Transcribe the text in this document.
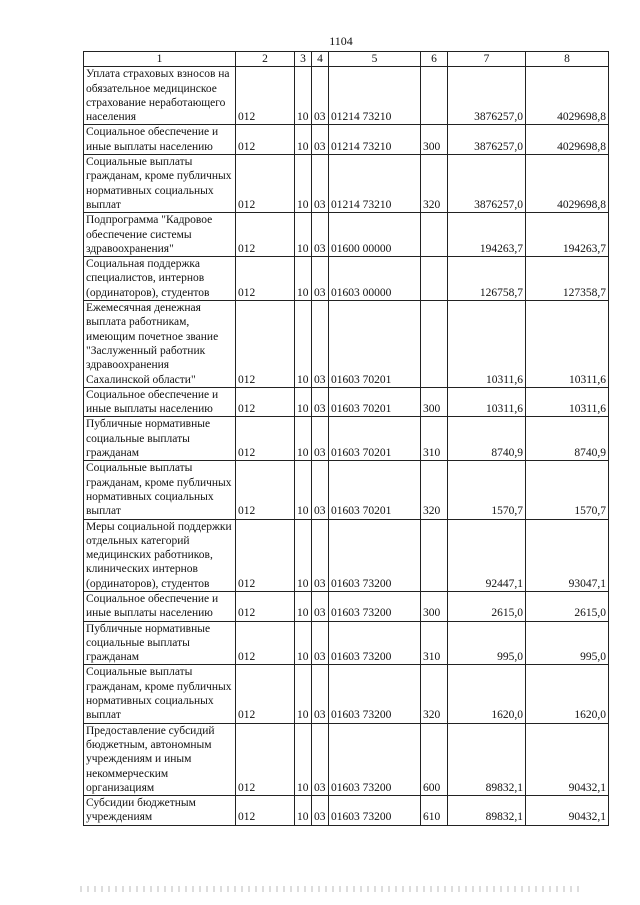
1104
1	2	3	4	5	6	7	8
Уплата страховых взносов на обязательное медицинское страхование неработающего населения	012	10	03	01214 73210		3876257,0	4029698,8
Социальное обеспечение и иные выплаты населению	012	10	03	01214 73210	300	3876257,0	4029698,8
Социальные выплаты гражданам, кроме публичных нормативных социальных выплат	012	10	03	01214 73210	320	3876257,0	4029698,8
Подпрограмма "Кадровое обеспечение системы здравоохранения"	012	10	03	01600 00000		194263,7	194263,7
Социальная поддержка специалистов, интернов (ординаторов), студентов	012	10	03	01603 00000		126758,7	127358,7
Ежемесячная денежная выплата работникам, имеющим почетное звание "Заслуженный работник здравоохранения Сахалинской области"	012	10	03	01603 70201		10311,6	10311,6
Социальное обеспечение и иные выплаты населению	012	10	03	01603 70201	300	10311,6	10311,6
Публичные нормативные социальные выплаты гражданам	012	10	03	01603 70201	310	8740,9	8740,9
Социальные выплаты гражданам, кроме публичных нормативных социальных выплат	012	10	03	01603 70201	320	1570,7	1570,7
Меры социальной поддержки отдельных категорий медицинских работников, клинических интернов (ординаторов), студентов	012	10	03	01603 73200		92447,1	93047,1
Социальное обеспечение и иные выплаты населению	012	10	03	01603 73200	300	2615,0	2615,0
Публичные нормативные социальные выплаты гражданам	012	10	03	01603 73200	310	995,0	995,0
Социальные выплаты гражданам, кроме публичных нормативных социальных выплат	012	10	03	01603 73200	320	1620,0	1620,0
Предоставление субсидий бюджетным, автономным учреждениям и иным некоммерческим организациям	012	10	03	01603 73200	600	89832,1	90432,1
Субсидии бюджетным учреждениям	012	10	03	01603 73200	610	89832,1	90432,1
